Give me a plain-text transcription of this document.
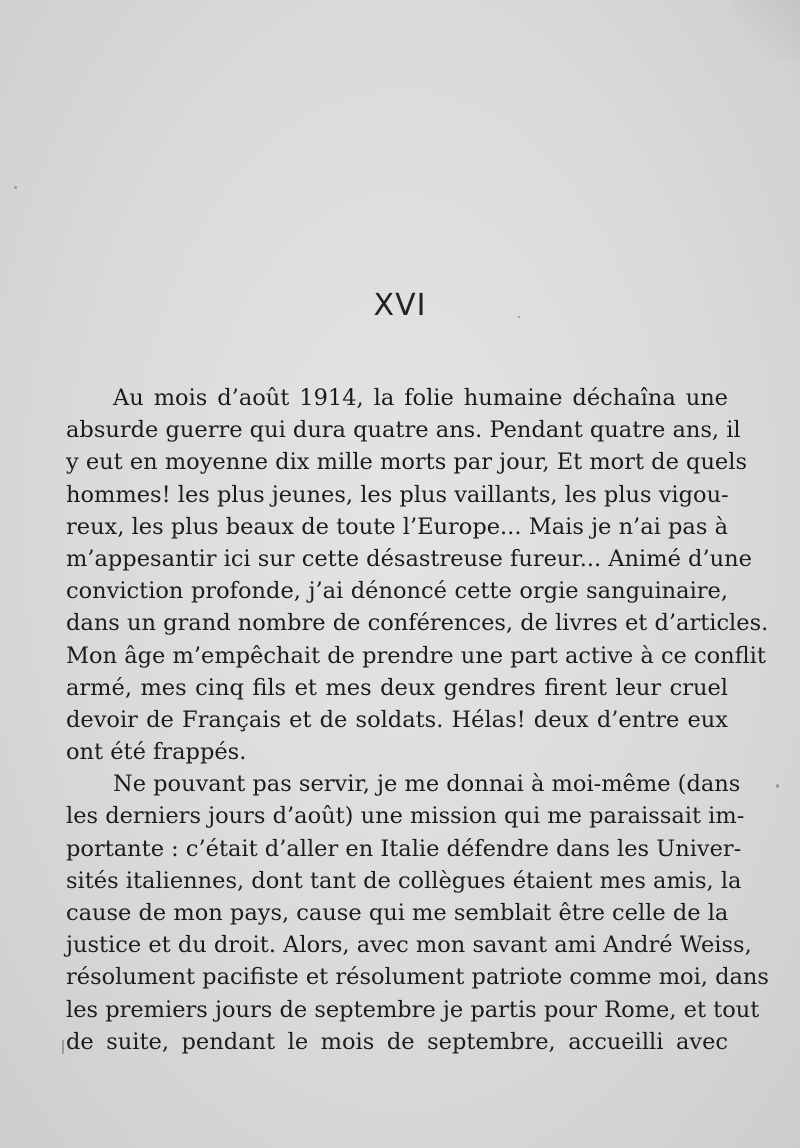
XVI
Au mois d’août 1914, la folie humaine déchaîna une
absurde guerre qui dura quatre ans. Pendant quatre ans, il
y eut en moyenne dix mille morts par jour, Et mort de quels
hommes! les plus jeunes, les plus vaillants, les plus vigou-
reux, les plus beaux de toute l’Europe... Mais je n’ai pas à
m’appesantir ici sur cette désastreuse fureur... Animé d’une
conviction profonde, j’ai dénoncé cette orgie sanguinaire,
dans un grand nombre de conférences, de livres et d’articles.
Mon âge m’empêchait de prendre une part active à ce conflit
armé, mes cinq fils et mes deux gendres firent leur cruel
devoir de Français et de soldats. Hélas! deux d’entre eux
ont été frappés.
Ne pouvant pas servir, je me donnai à moi-même (dans
les derniers jours d’août) une mission qui me paraissait im-
portante : c’était d’aller en Italie défendre dans les Univer-
sités italiennes, dont tant de collègues étaient mes amis, la
cause de mon pays, cause qui me semblait être celle de la
justice et du droit. Alors, avec mon savant ami André Weiss,
résolument pacifiste et résolument patriote comme moi, dans
les premiers jours de septembre je partis pour Rome, et tout
de suite, pendant le mois de septembre, accueilli avec
